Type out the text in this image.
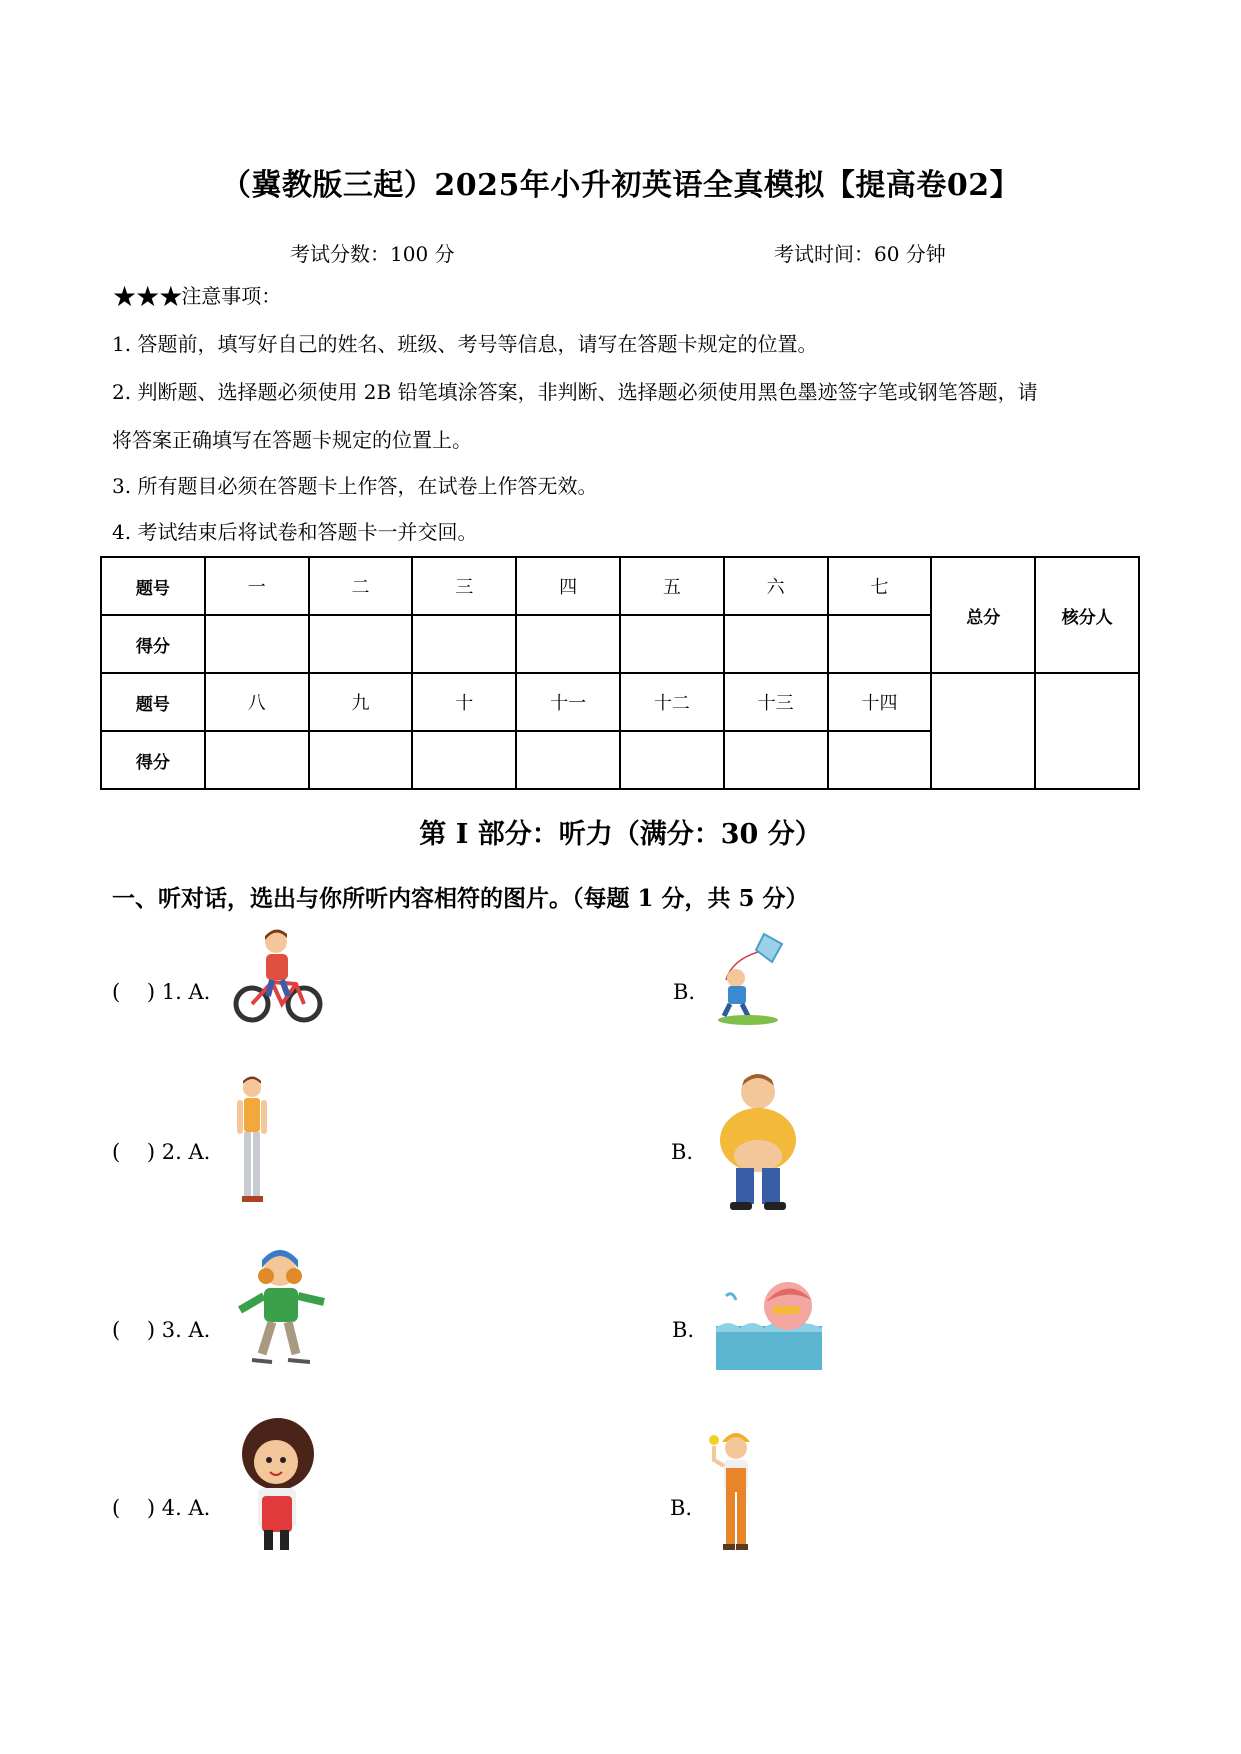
（冀教版三起）2025年小升初英语全真模拟【提高卷02】
考试分数：100 分	考试时间：60 分钟
★★★注意事项：
1. 答题前，填写好自己的姓名、班级、考号等信息，请写在答题卡规定的位置。
2. 判断题、选择题必须使用 2B 铅笔填涂答案，非判断、选择题必须使用黑色墨迹签字笔或钢笔答题，请
将答案正确填写在答题卡规定的位置上。
3. 所有题目必须在答题卡上作答，在试卷上作答无效。
4. 考试结束后将试卷和答题卡一并交回。
题号	一	二	三	四	五	六	七	总分	核分人
得分									
题号	八	九	十	十一	十二	十三	十四		
得分									
第 Ⅰ 部分：听力（满分：30 分）
一、听对话，选出与你所听内容相符的图片。（每题 1 分，共 5 分）
(    ) 1. A.	B.
(    ) 2. A.	B.
(    ) 3. A.	B.
(    ) 4. A.	B.
